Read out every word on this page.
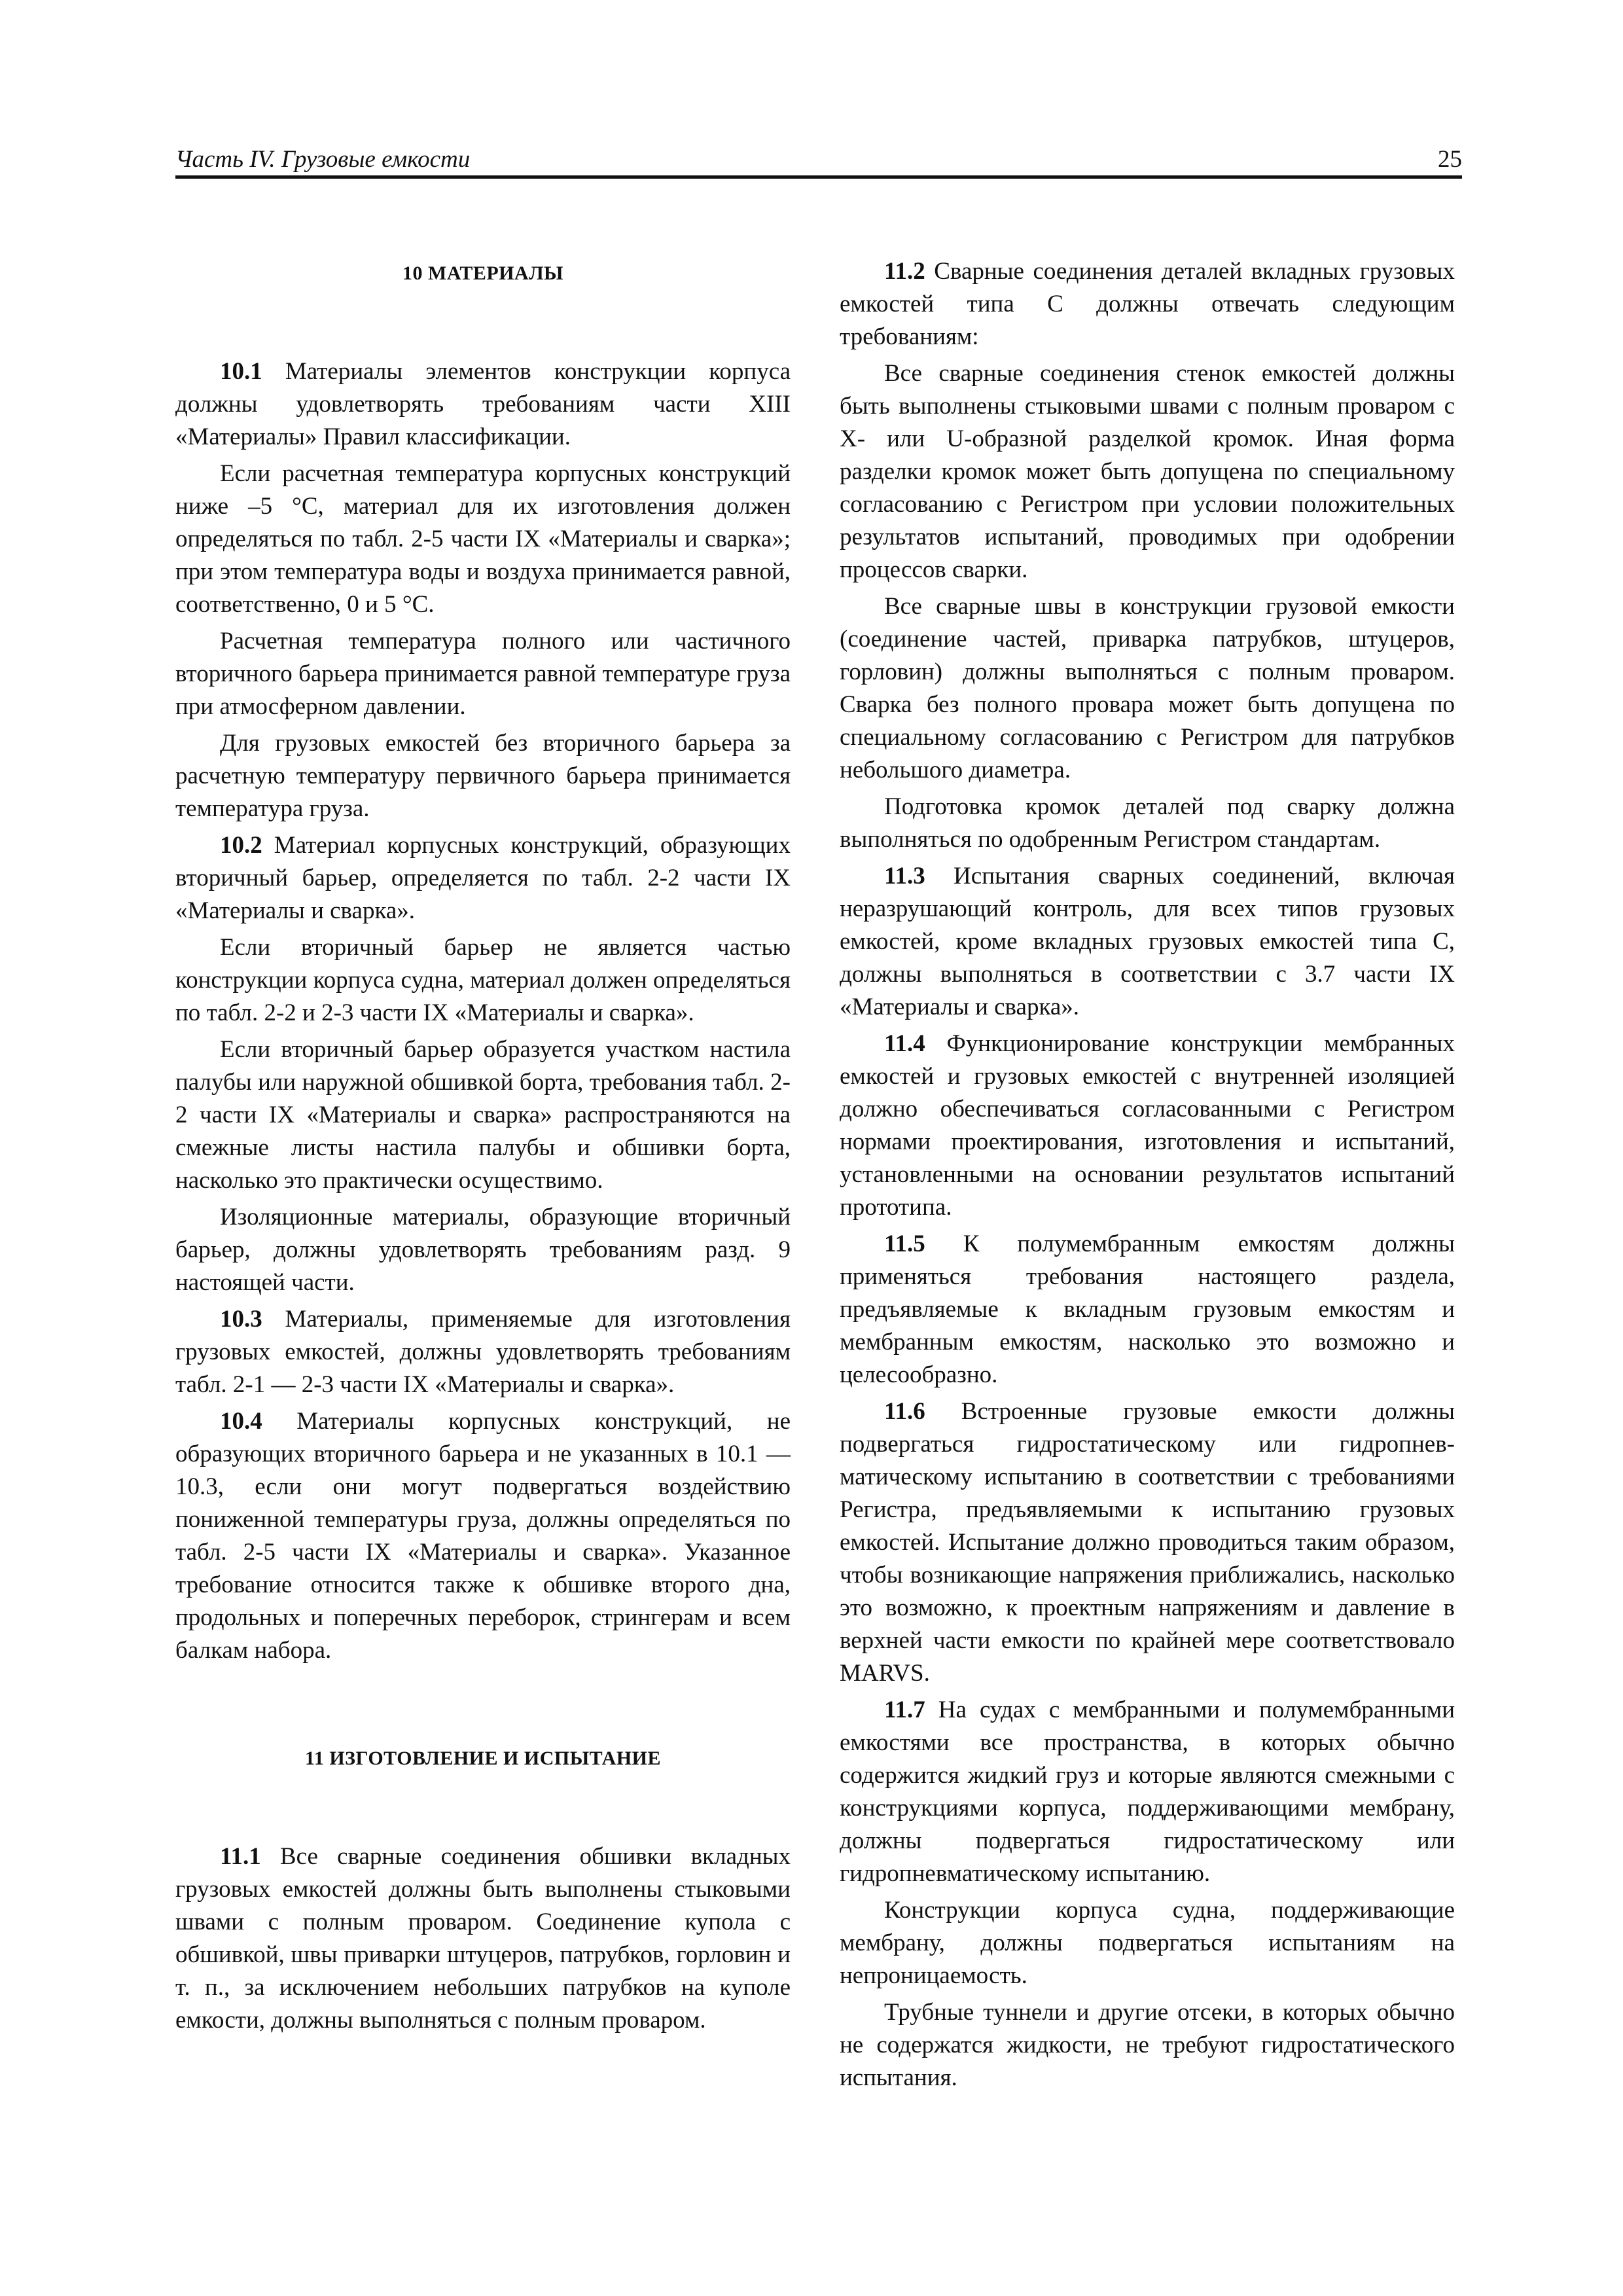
Часть IV. Грузовые емкости	25
10 МАТЕРИАЛЫ

10.1 Материалы элементов конструкции корпуса должны удовлетворять требованиям части XIII «Материалы» Правил классификации.

Если расчетная температура корпусных конструкций ниже –5 °С, материал для их изготовления должен определяться по табл. 2-5 части IX «Материалы и сварка»; при этом температура воды и воздуха принимается равной, соответственно, 0 и 5 °С.

Расчетная температура полного или частичного вторичного барьера принимается равной температуре груза при атмосферном давлении.

Для грузовых емкостей без вторичного барьера за расчетную температуру первичного барьера принимается температура груза.

10.2 Материал корпусных конструкций, образующих вторичный барьер, определяется по табл. 2-2 части IX «Материалы и сварка».

Если вторичный барьер не является частью конструкции корпуса судна, материал должен определяться по табл. 2-2 и 2-3 части IX «Материалы и сварка».

Если вторичный барьер образуется участком настила палубы или наружной обшивкой борта, требования табл. 2-2 части IX «Материалы и сварка» распространяются на смежные листы настила палубы и обшивки борта, насколько это практически осуществимо.

Изоляционные материалы, образующие вторичный барьер, должны удовлетворять требованиям разд. 9 настоящей части.

10.3 Материалы, применяемые для изготовления грузовых емкостей, должны удовлетворять требованиям табл. 2-1 — 2-3 части IX «Материалы и сварка».

10.4 Материалы корпусных конструкций, не образующих вторичного барьера и не указанных в 10.1 — 10.3, если они могут подвергаться воздействию пониженной температуры груза, должны определяться по табл. 2-5 части IX «Материалы и сварка». Указанное требование относится также к обшивке второго дна, продольных и поперечных переборок, стрингерам и всем балкам набора.

11 ИЗГОТОВЛЕНИЕ И ИСПЫТАНИЕ

11.1 Все сварные соединения обшивки вкладных грузовых емкостей должны быть выполнены стыковыми швами с полным проваром. Соединение купола с обшивкой, швы приварки штуцеров, патрубков, горловин и т. п., за исключением небольших патрубков на куполе емкости, должны выполняться с полным проваром.

11.2 Сварные соединения деталей вкладных грузовых емкостей типа С должны отвечать следующим требованиям:

Все сварные соединения стенок емкостей должны быть выполнены стыковыми швами с полным проваром с X- или U-образной разделкой кромок. Иная форма разделки кромок может быть допущена по специальному согласованию с Регистром при условии положительных результатов испытаний, проводимых при одобрении процессов сварки.

Все сварные швы в конструкции грузовой емкости (соединение частей, приварка патрубков, штуцеров, горловин) должны выполняться с полным проваром. Сварка без полного провара может быть допущена по специальному согласованию с Регистром для патрубков небольшого диаметра.

Подготовка кромок деталей под сварку должна выполняться по одобренным Регистром стандартам.

11.3 Испытания сварных соединений, включая неразрушающий контроль, для всех типов грузовых емкостей, кроме вкладных грузовых емкостей типа С, должны выполняться в соответствии с 3.7 части IX «Материалы и сварка».

11.4 Функционирование конструкции мембранных емкостей и грузовых емкостей с внутренней изоляцией должно обеспечиваться согласованными с Регистром нормами проектирования, изготовления и испытаний, установленными на основании результатов испытаний прототипа.

11.5 К полумембранным емкостям должны применяться требования настоящего раздела, предъявляемые к вкладным грузовым емкостям и мембранным емкостям, насколько это возможно и целесообразно.

11.6 Встроенные грузовые емкости должны подвергаться гидростатическому или гидропневматическому испытанию в соответствии с требованиями Регистра, предъявляемыми к испытанию грузовых емкостей. Испытание должно проводиться таким образом, чтобы возникающие напряжения приближались, насколько это возможно, к проектным напряжениям и давление в верхней части емкости по крайней мере соответствовало MARVS.

11.7 На судах с мембранными и полумембранными емкостями все пространства, в которых обычно содержится жидкий груз и которые являются смежными с конструкциями корпуса, поддерживающими мембрану, должны подвергаться гидростатическому или гидропневматическому испытанию.

Конструкции корпуса судна, поддерживающие мембрану, должны подвергаться испытаниям на непроницаемость.

Трубные туннели и другие отсеки, в которых обычно не содержатся жидкости, не требуют гидростатического испытания.
